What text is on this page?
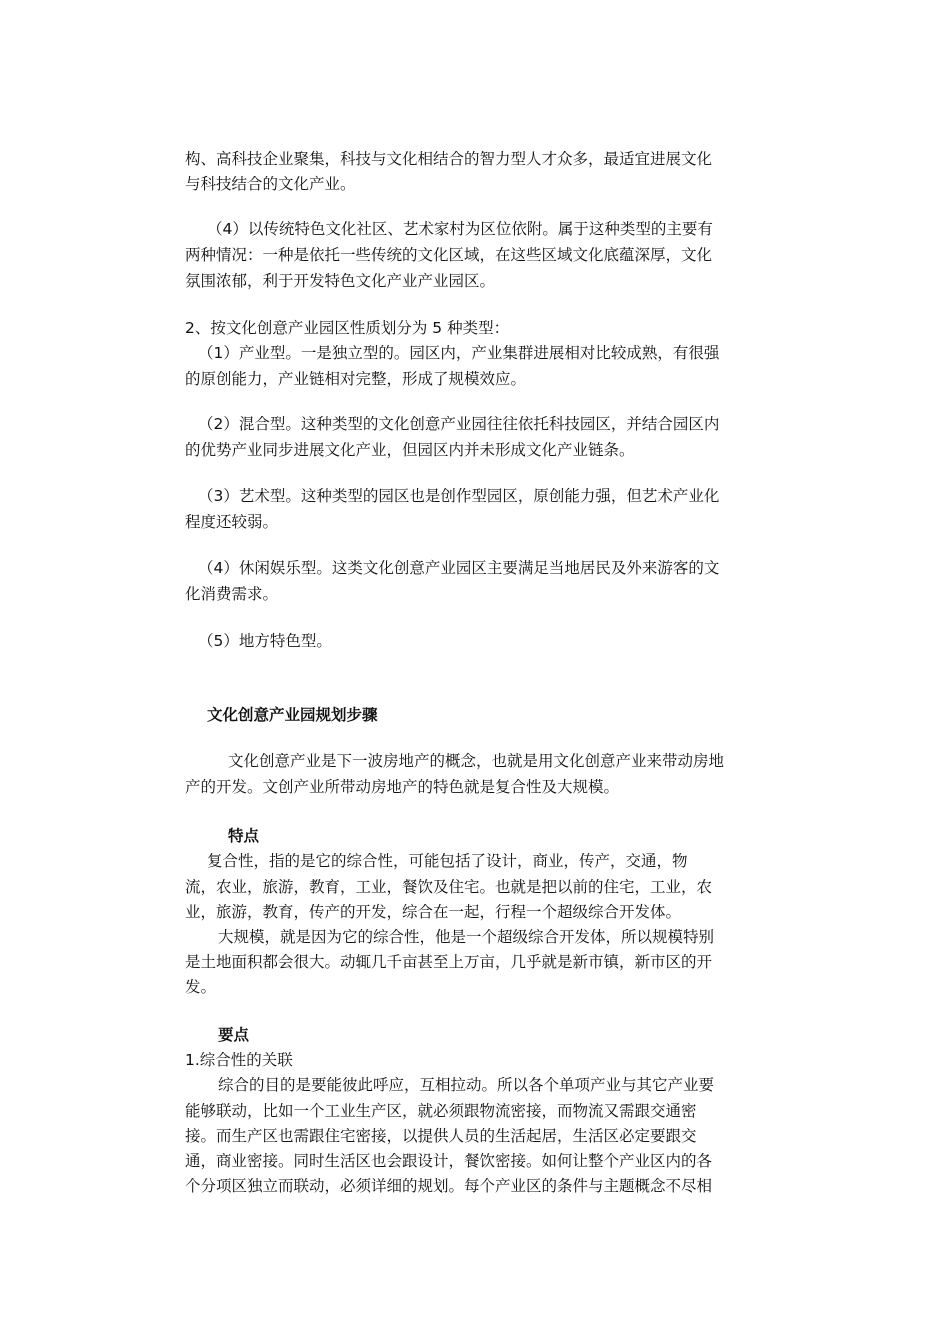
构、高科技企业聚集，科技与文化相结合的智力型人才众多，最适宜进展文化
与科技结合的文化产业。
（4）以传统特色文化社区、艺术家村为区位依附。属于这种类型的主要有
两种情况：一种是依托一些传统的文化区域，在这些区域文化底蕴深厚，文化
氛围浓郁，利于开发特色文化产业产业园区。
2、按文化创意产业园区性质划分为 5 种类型：
（1）产业型。一是独立型的。园区内，产业集群进展相对比较成熟，有很强
的原创能力，产业链相对完整，形成了规模效应。
（2）混合型。这种类型的文化创意产业园往往依托科技园区，并结合园区内
的优势产业同步进展文化产业，但园区内并未形成文化产业链条。
（3）艺术型。这种类型的园区也是创作型园区，原创能力强，但艺术产业化
程度还较弱。
（4）休闲娱乐型。这类文化创意产业园区主要满足当地居民及外来游客的文
化消费需求。
（5）地方特色型。
文化创意产业园规划步骤
文化创意产业是下一波房地产的概念，也就是用文化创意产业来带动房地
产的开发。文创产业所带动房地产的特色就是复合性及大规模。
特点
复合性，指的是它的综合性，可能包括了设计，商业，传产，交通，物
流，农业，旅游，教育，工业，餐饮及住宅。也就是把以前的住宅，工业，农
业，旅游，教育，传产的开发，综合在一起，行程一个超级综合开发体。
大规模，就是因为它的综合性，他是一个超级综合开发体，所以规模特别
是土地面积都会很大。动辄几千亩甚至上万亩，几乎就是新市镇，新市区的开
发。
要点
1.综合性的关联
综合的目的是要能彼此呼应，互相拉动。所以各个单项产业与其它产业要
能够联动，比如一个工业生产区，就必须跟物流密接，而物流又需跟交通密
接。而生产区也需跟住宅密接，以提供人员的生活起居，生活区必定要跟交
通，商业密接。同时生活区也会跟设计，餐饮密接。如何让整个产业区内的各
个分项区独立而联动，必须详细的规划。每个产业区的条件与主题概念不尽相
